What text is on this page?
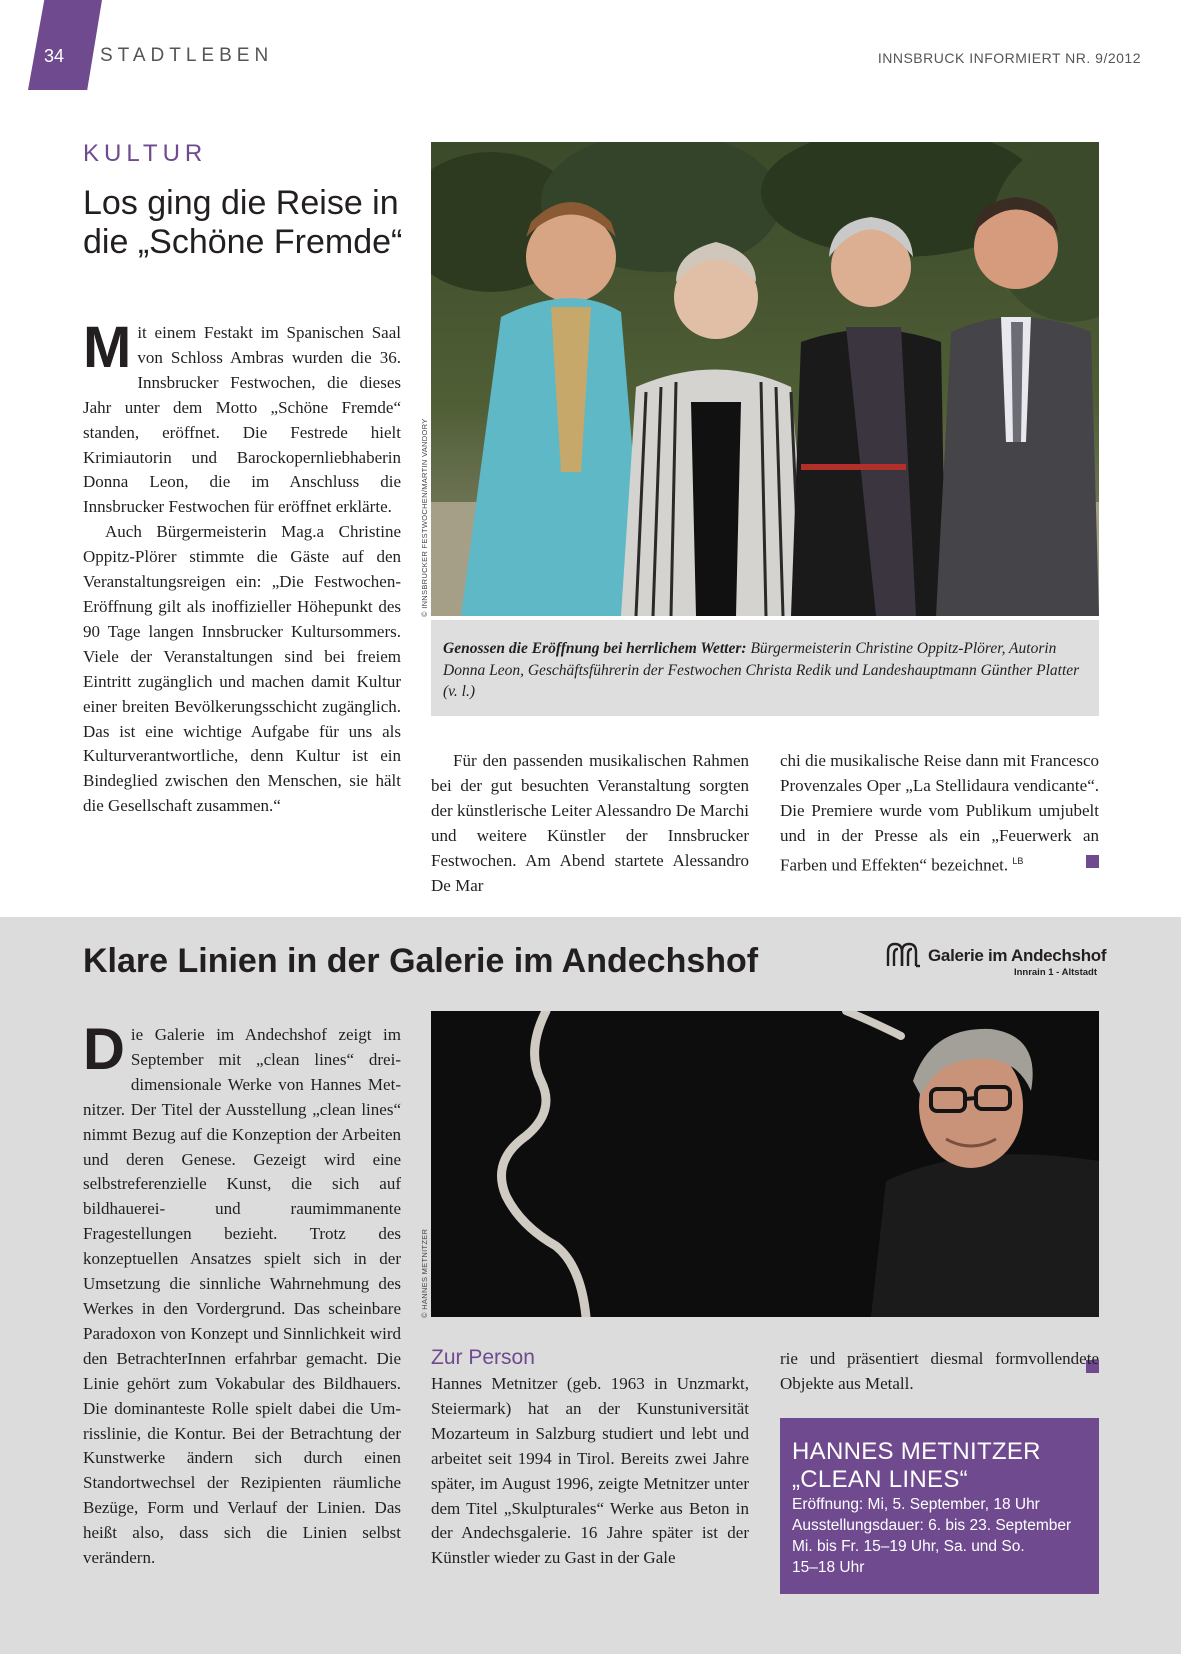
34 STADTLEBEN	INNSBRUCK INFORMIERT NR. 9/2012
KULTUR
Los ging die Reise in die „Schöne Fremde“

Mit einem Festakt im Spanischen Saal von Schloss Ambras wurden die 36. Innsbrucker Festwochen, die dieses Jahr unter dem Motto „Schöne Fremde“ standen, eröffnet. Die Festrede hielt Krimiautorin und Barockopernliebhaberin Donna Leon, die im Anschluss die Innsbrucker Festwochen für eröffnet erklärte.

Auch Bürgermeisterin Mag.a Christine Oppitz-Plörer stimmte die Gäste auf den Veranstaltungsreigen ein: „Die Festwochen-Eröffnung gilt als inoffizieller Höhepunkt des 90 Tage langen Innsbrucker Kultursommers. Viele der Veranstaltungen sind bei freiem Eintritt zugänglich und machen damit Kultur einer breiten Bevölkerungsschicht zugänglich. Das ist eine wichtige Aufgabe für uns als Kulturverantwortliche, denn Kultur ist ein Bindeglied zwischen den Menschen, sie hält die Gesellschaft zusammen.“

© INNSBRUCKER FESTWOCHEN/MARTIN VANDORY
Genossen die Eröffnung bei herrlichem Wetter: Bürgermeisterin Christine Oppitz-Plörer, Autorin Donna Leon, Geschäftsführerin der Festwochen Christa Redik und Landeshauptmann Günther Platter (v. l.)

Für den passenden musikalischen Rahmen bei der gut besuchten Veranstaltung sorgten der künstlerische Leiter Alessandro De Marchi und weitere Künstler der Innsbrucker Festwochen. Am Abend startete Alessandro De Mar

chi die musikalische Reise dann mit Francesco Provenzales Oper „La Stellidaura vendicante“. Die Premiere wurde vom Publikum umjubelt und in der Presse als ein „Feuerwerk an Farben und Effekten“ bezeichnet. $^{LB}$

Klare Linien in der Galerie im Andechshof	Galerie im Andechshof
Innrain 1 - Altstadt

Die Galerie im Andechshof zeigt im September mit „clean lines“ dreidimensionale Werke von Hannes Metnitzer. Der Titel der Ausstellung „clean lines“ nimmt Bezug auf die Konzeption der Arbeiten und deren Genese. Gezeigt wird eine selbstreferenzielle Kunst, die sich auf bildhauerei- und raumimmanente Fragestellungen bezieht. Trotz des konzeptuellen Ansatzes spielt sich in der Umsetzung die sinnliche Wahrnehmung des Werkes in den Vordergrund. Das scheinbare Paradoxon von Konzept und Sinnlichkeit wird den BetrachterInnen erfahrbar gemacht. Die Linie gehört zum Vokabular des Bildhauers. Die dominanteste Rolle spielt dabei die Umrisslinie, die Kontur. Bei der Betrachtung der Kunstwerke ändern sich durch einen Standortwechsel der Rezipienten räumliche Bezüge, Form und Verlauf der Linien. Das heißt also, dass sich die Linien selbst verändern.

© HANNES METNITZER
Zur Person

Hannes Metnitzer (geb. 1963 in Unzmarkt, Steiermark) hat an der Kunstuniversität Mozarteum in Salzburg studiert und lebt und arbeitet seit 1994 in Tirol. Bereits zwei Jahre später, im August 1996, zeigte Metnitzer unter dem Titel „Skulpturales“ Werke aus Beton in der Andechsgalerie. 16 Jahre später ist der Künstler wieder zu Gast in der Gale

rie und präsentiert diesmal formvollendete Objekte aus Metall.

HANNES METNITZER
„CLEAN LINES“
Eröffnung: Mi, 5. September, 18 Uhr
Ausstellungsdauer: 6. bis 23. September
Mi. bis Fr. 15–19 Uhr, Sa. und So.
15–18 Uhr
